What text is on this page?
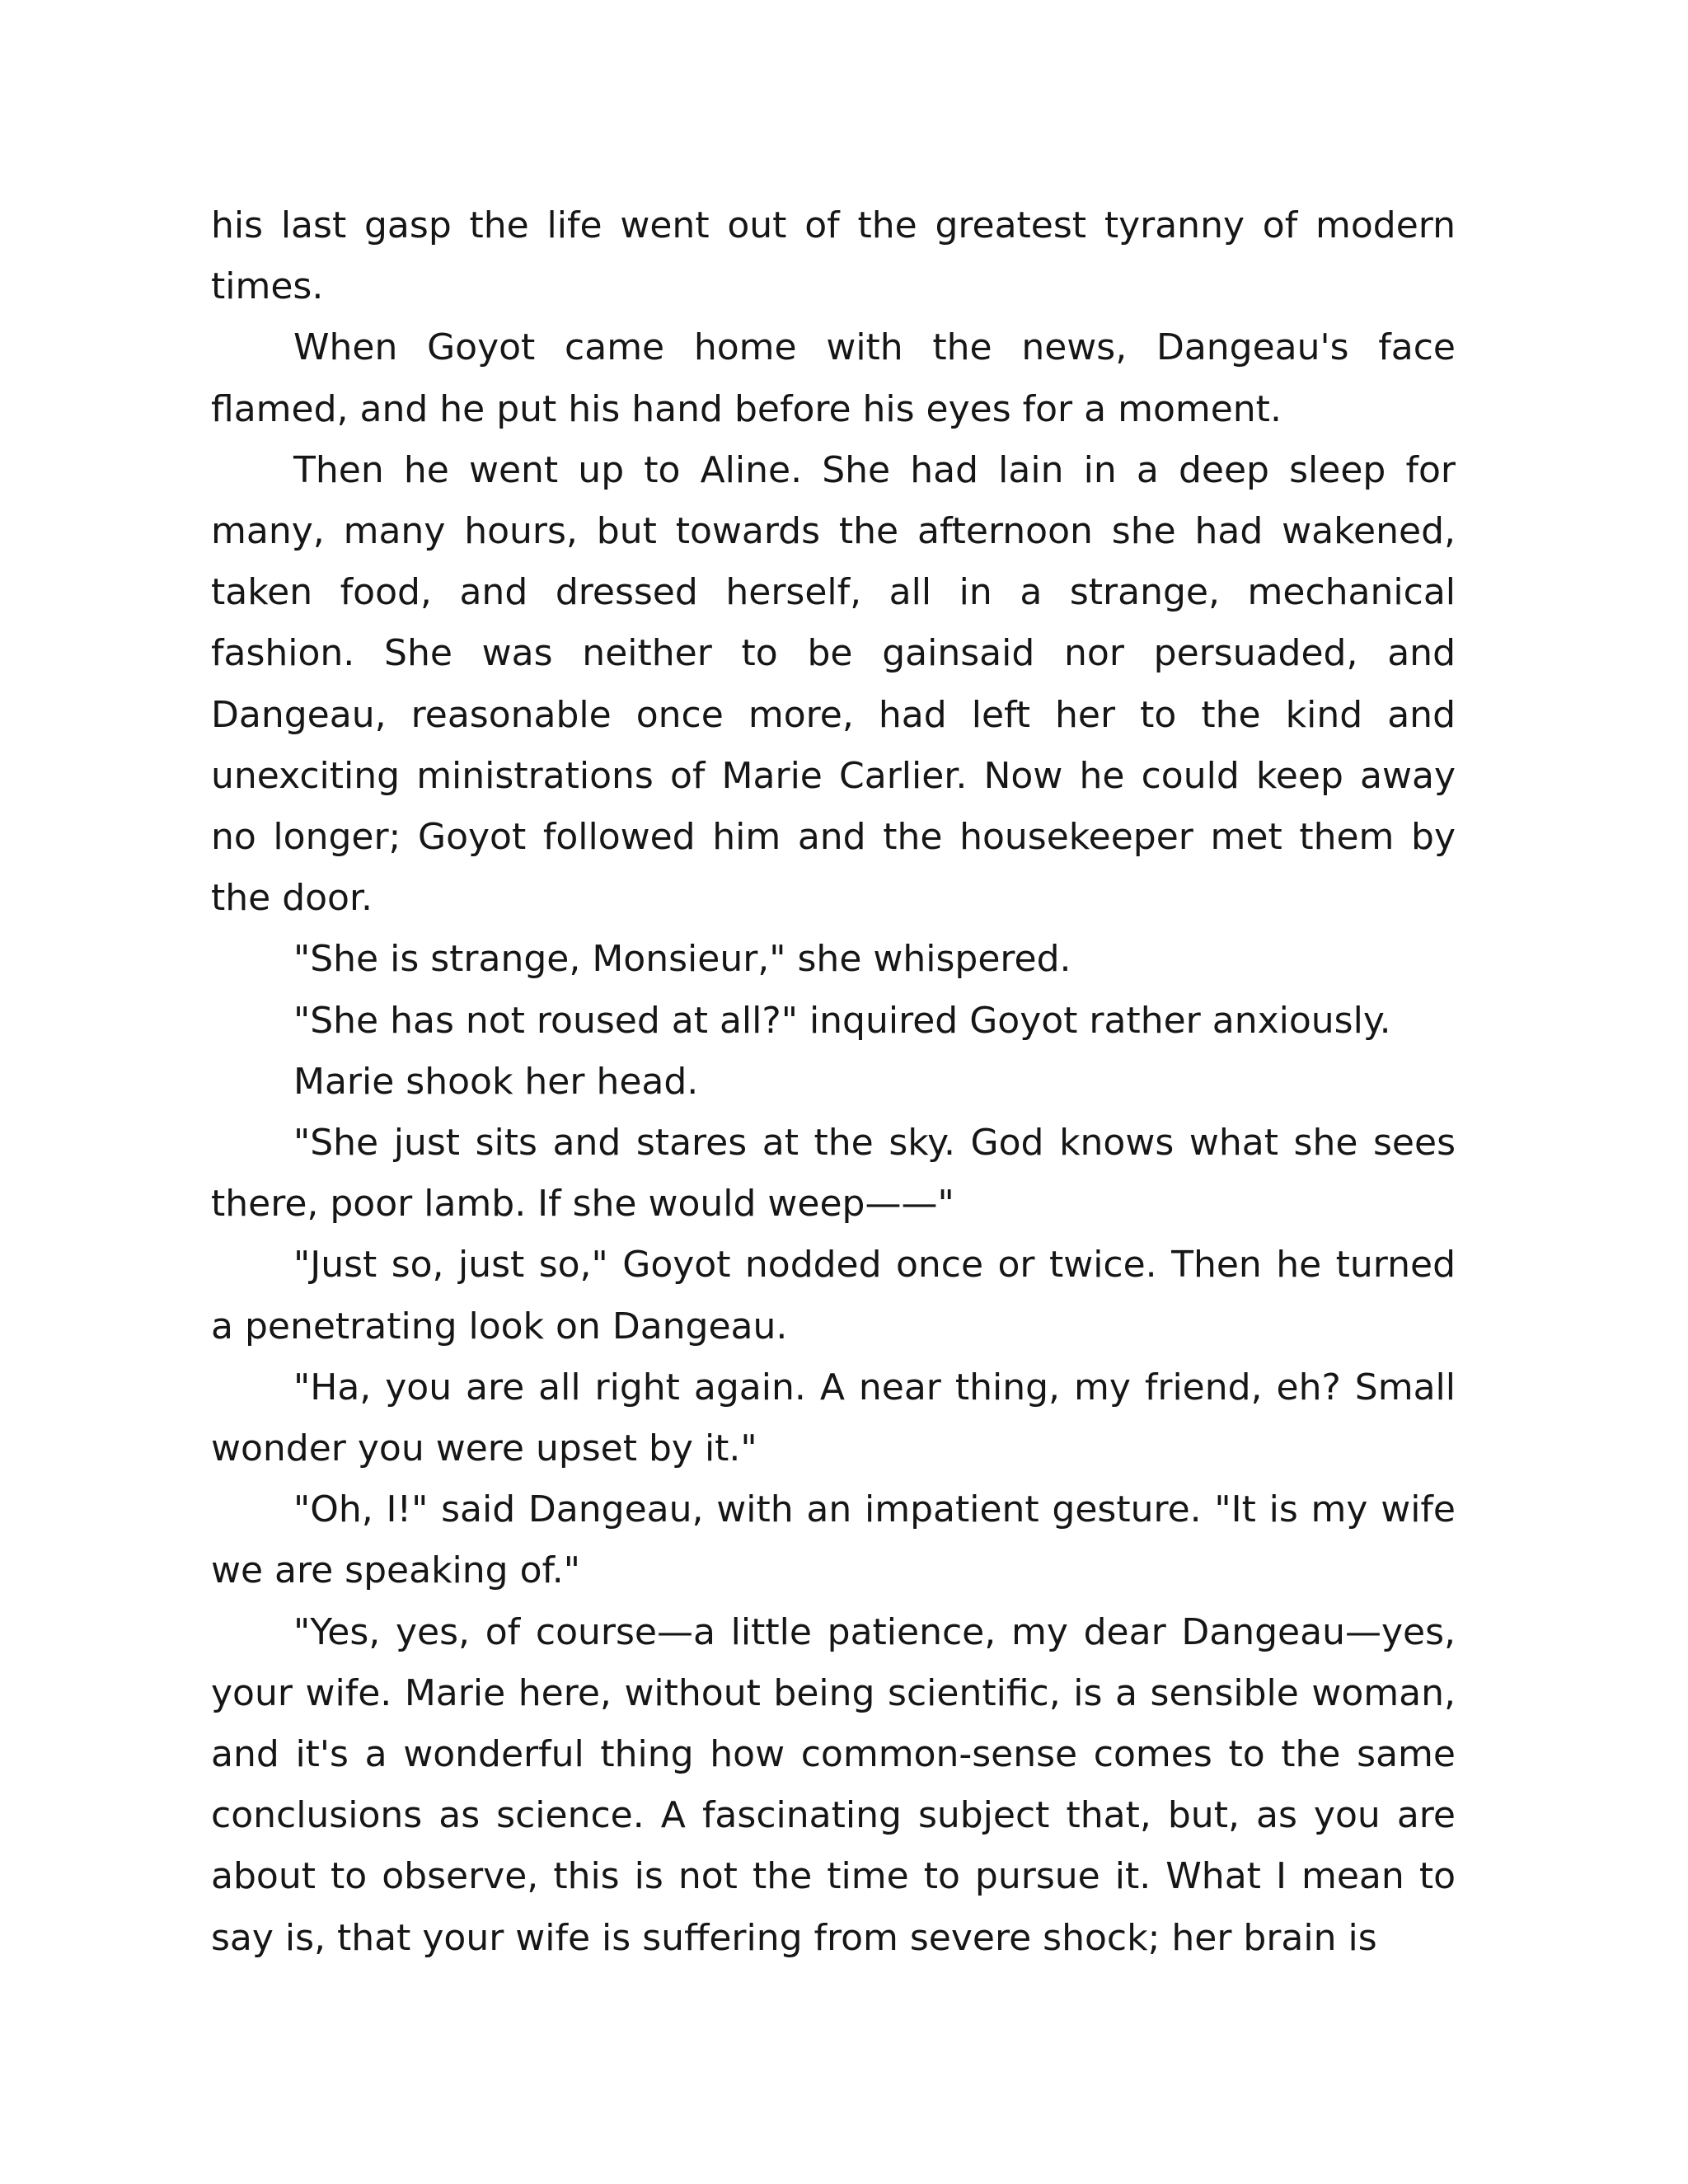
his last gasp the life went out of the greatest tyranny of modern times.

When Goyot came home with the news, Dangeau's face flamed, and he put his hand before his eyes for a moment.

Then he went up to Aline. She had lain in a deep sleep for many, many hours, but towards the afternoon she had wakened, taken food, and dressed herself, all in a strange, mechanical fashion. She was neither to be gainsaid nor persuaded, and Dangeau, reasonable once more, had left her to the kind and unexciting ministrations of Marie Carlier. Now he could keep away no longer; Goyot followed him and the housekeeper met them by the door.

"She is strange, Monsieur," she whispered.

"She has not roused at all?" inquired Goyot rather anxiously.

Marie shook her head.

"She just sits and stares at the sky. God knows what she sees there, poor lamb. If she would weep——"

"Just so, just so," Goyot nodded once or twice. Then he turned a penetrating look on Dangeau.

"Ha, you are all right again. A near thing, my friend, eh? Small wonder you were upset by it."

"Oh, I!" said Dangeau, with an impatient gesture. "It is my wife we are speaking of."

"Yes, yes, of course—a little patience, my dear Dangeau—yes, your wife. Marie here, without being scientific, is a sensible woman, and it's a wonderful thing how common-sense comes to the same conclusions as science. A fascinating subject that, but, as you are about to observe, this is not the time to pursue it. What I mean to say is, that your wife is suffering from severe shock; her brain is
